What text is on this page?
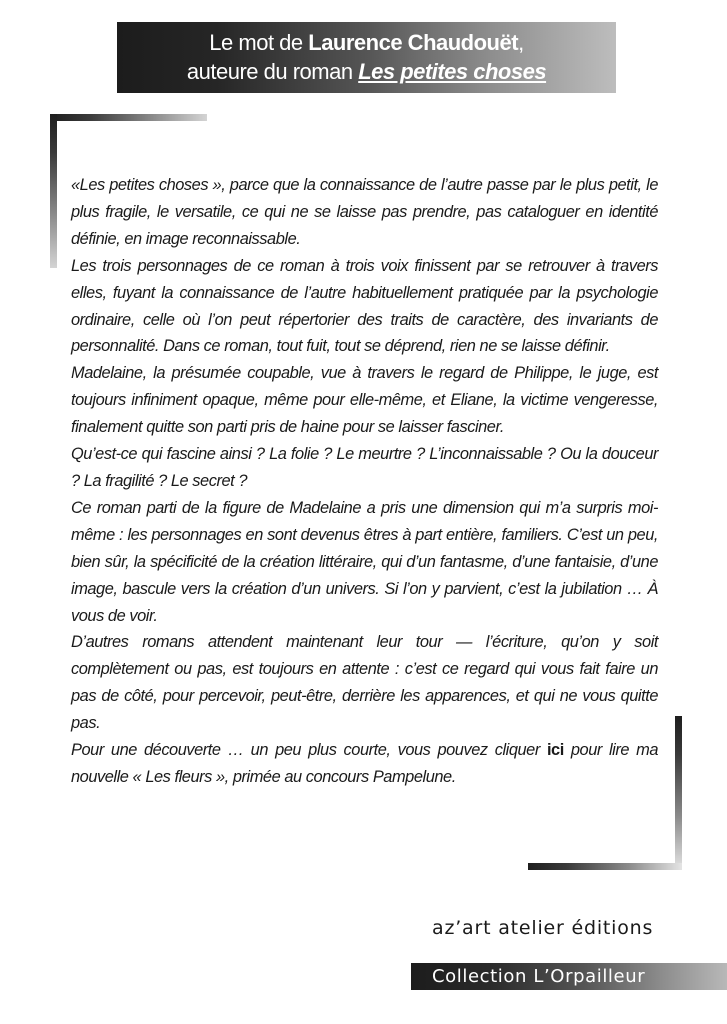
Le mot de Laurence Chaudouët,
auteure du roman Les petites choses

«Les petites choses », parce que la connaissance de l’autre passe par le plus petit, le plus fragile, le versatile, ce qui ne se laisse pas prendre, pas cataloguer en identité définie, en image reconnaissable.

Les trois personnages de ce roman à trois voix finissent par se retrouver à travers elles, fuyant la connaissance de l’autre habituellement pratiquée par la psychologie ordinaire, celle où l’on peut répertorier des traits de caractère, des invariants de personnalité. Dans ce roman, tout fuit, tout se déprend, rien ne se laisse définir.

Madelaine, la présumée coupable, vue à travers le regard de Philippe, le juge, est toujours infiniment opaque, même pour elle-même, et Eliane, la victime vengeresse, finalement quitte son parti pris de haine pour se laisser fasciner.

Qu’est-ce qui fascine ainsi ? La folie ? Le meurtre ? L’inconnaissable ? Ou la douceur ? La fragilité ? Le secret ?

Ce roman parti de la figure de Madelaine a pris une dimension qui m’a surpris moi-même : les personnages en sont devenus êtres à part entière, familiers. C’est un peu, bien sûr, la spécificité de la création littéraire, qui d’un fantasme, d’une fantaisie, d’une image, bascule vers la création d’un univers. Si l’on y parvient, c’est la jubilation … À vous de voir.

D’autres romans attendent maintenant leur tour — l’écriture, qu’on y soit complètement ou pas, est toujours en attente : c’est ce regard qui vous fait faire un pas de côté, pour percevoir, peut-être, derrière les apparences, et qui ne vous quitte pas.

Pour une découverte … un peu plus courte, vous pouvez cliquer ici pour lire ma nouvelle « Les fleurs », primée au concours Pampelune.

az’art atelier éditions
Collection L’Orpailleur
